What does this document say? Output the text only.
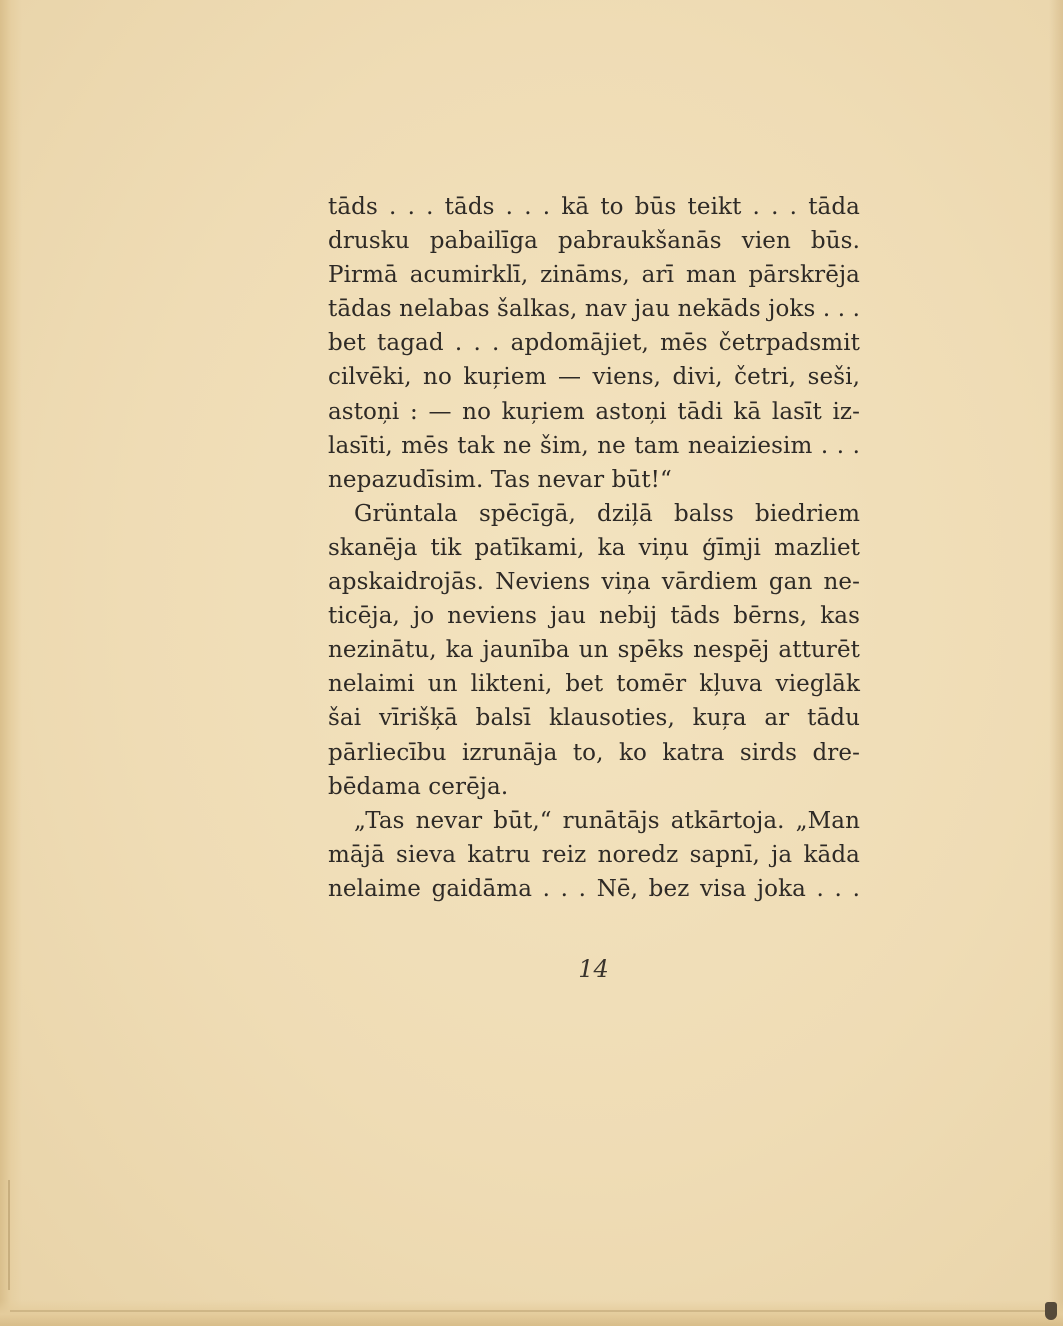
tāds . . . tāds . . . kā to būs teikt . . . tāda
drusku pabailīga pabraukšanās vien būs.
Pirmā acumirklī, zināms, arī man pārskrēja
tādas nelabas šalkas, nav jau nekāds joks . . .
bet tagad . . . apdomājiet, mēs četrpadsmit
cilvēki, no kuŗiem — viens, divi, četri, seši,
astoņi : — no kuŗiem astoņi tādi kā lasīt iz-
lasīti, mēs tak ne šim, ne tam neaiziesim . . .
nepazudīsim. Tas nevar būt!“
Grüntala spēcīgā, dziļā balss biedriem
skanēja tik patīkami, ka viņu ģīmji mazliet
apskaidrojās. Neviens viņa vārdiem gan ne-
ticēja, jo neviens jau nebij tāds bērns, kas
nezinātu, ka jaunība un spēks nespēj atturēt
nelaimi un likteni, bet tomēr kļuva vieglāk
šai vīrišķā balsī klausoties, kuŗa ar tādu
pārliecību izrunāja to, ko katra sirds dre-
bēdama cerēja.
„Tas nevar būt,“ runātājs atkārtoja. „Man
mājā sieva katru reiz noredz sapnī, ja kāda
nelaime gaidāma . . . Nē, bez visa joka . . .
14
